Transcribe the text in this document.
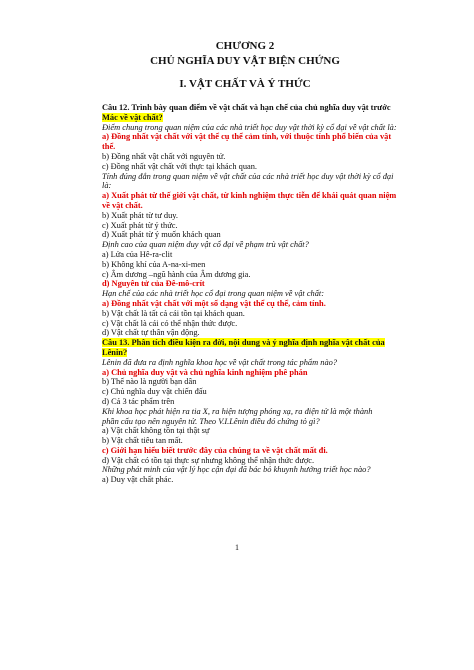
CHƯƠNG 2
CHỦ NGHĨA DUY VẬT BIỆN CHỨNG
I. VẬT CHẤT VÀ Ý THỨC
Câu 12. Trình bày quan điểm về vật chất và hạn chế của chủ nghĩa duy vật trước
Mác về vật chất?
Điểm chung trong quan niệm của các nhà triết học duy vật thời kỳ cổ đại về vật chất là:
a) Đồng nhất vật chất với vật thể cụ thể cảm tính, với thuộc tính phổ biến của vật
thể.
b) Đồng nhất vật chất với nguyên tử.
c) Đồng nhất vật chất với thực tại khách quan.
Tính đúng đắn trong quan niệm về vật chất của các nhà triết học duy vật thời kỳ cổ đại
là:
a) Xuất phát từ thế giới vật chất, từ kinh nghiệm thực tiễn để khái quát quan niệm
về vật chất.
b) Xuất phát từ tư duy.
c) Xuất phát từ ý thức.
d) Xuất phát từ ý muốn khách quan
Định cao của quan niệm duy vật cổ đại về phạm trù vật chất?
a) Lửa của Hê-ra-clit
b) Không khí của A-na-xi-men
c) Âm dương –ngũ hành của Âm dương gia.
d) Nguyên tử của Đê-mô-crít
Hạn chế của các nhà triết học cổ đại trong quan niệm về vật chất:
a) Đồng nhất vật chất với một số dạng vật thể cụ thể, cảm tính.
b) Vật chất là tất cả cái tồn tại khách quan.
c) Vật chất là cái có thể nhận thức được.
d) Vật chất tự thân vận động.
Câu 13. Phân tích điều kiện ra đời, nội dung và ý nghĩa định nghĩa vật chất của
Lênin?
Lênin đã đưa ra định nghĩa khoa học về vật chất trong tác phẩm nào?
a) Chủ nghĩa duy vật và chủ nghĩa kinh nghiệm phê phán
b) Thế nào là người bạn dân
c) Chủ nghĩa duy vật chiến đấu
d) Cả 3 tác phẩm trên
Khi khoa học phát hiện ra tia X, ra hiện tượng phóng xạ, ra điện tử là một thành
phần cấu tạo nên nguyên tử. Theo V.I.Lênin điều đó chứng tỏ gì?
a) Vật chất không tồn tại thật sự
b) Vật chất tiêu tan mất.
c) Giới hạn hiểu biết trước đây của chúng ta về vật chất mất đi.
d) Vật chất có tồn tại thực sự nhưng không thể nhận thức được.
Những phát minh của vật lý học cận đại đã bác bỏ khuynh hướng triết học nào?
a) Duy vật chất phác.
1
